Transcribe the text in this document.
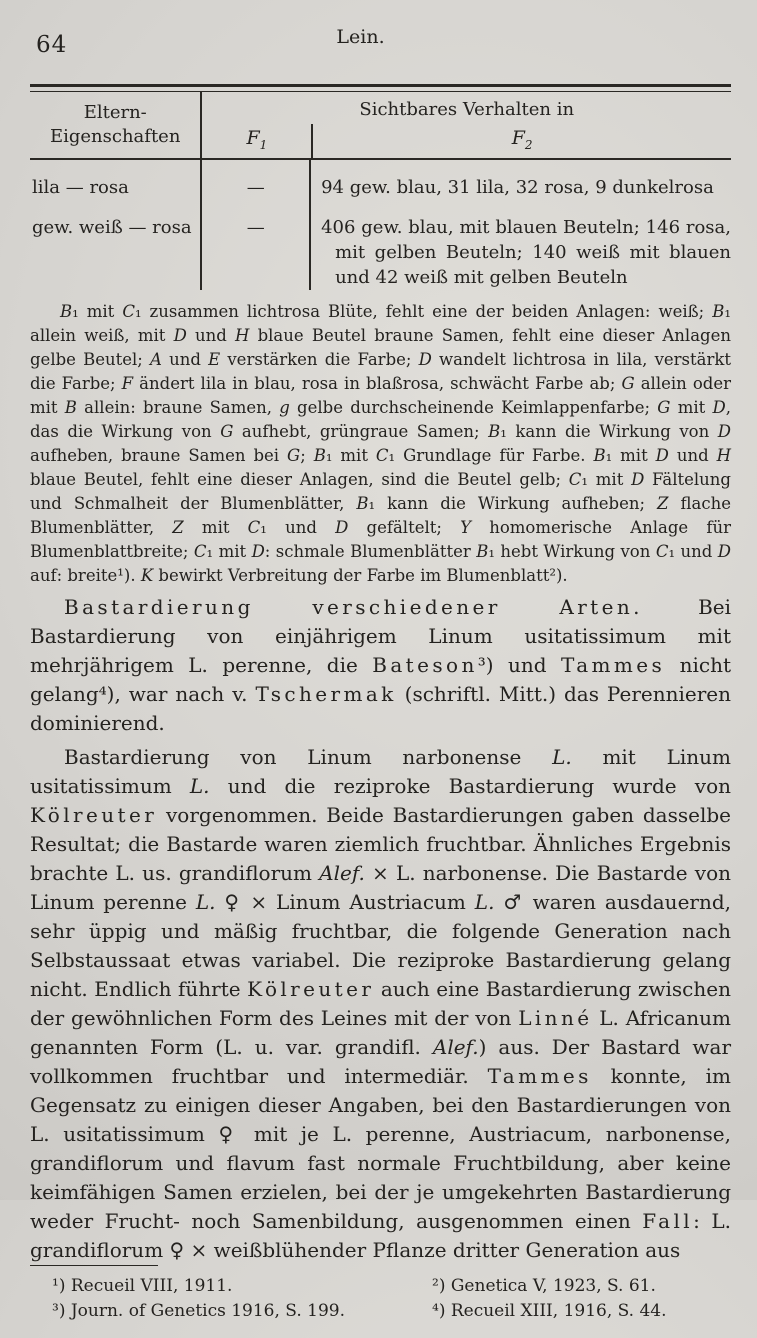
64	Lein.
Eltern-
Eigenschaften
Sichtbares Verhalten in
$F_1$	$F_2$
lila — rosa	—	94 gew. blau, 31 lila, 32 rosa, 9 dunkelrosa
gew. weiß — rosa	—	406 gew. blau, mit blauen Beuteln; 146 rosa, mit gelben Beuteln; 140 weiß mit blauen und 42 weiß mit gelben Beuteln

B₁ mit C₁ zusammen lichtrosa Blüte, fehlt eine der beiden Anlagen: weiß; B₁ allein weiß, mit D und H blaue Beutel braune Samen, fehlt eine dieser Anlagen gelbe Beutel; A und E verstärken die Farbe; D wandelt lichtrosa in lila, verstärkt die Farbe; F ändert lila in blau, rosa in blaßrosa, schwächt Farbe ab; G allein oder mit B allein: braune Samen, g gelbe durchscheinende Keimlappenfarbe; G mit D, das die Wirkung von G aufhebt, grüngraue Samen; B₁ kann die Wirkung von D aufheben, braune Samen bei G; B₁ mit C₁ Grundlage für Farbe. B₁ mit D und H blaue Beutel, fehlt eine dieser Anlagen, sind die Beutel gelb; C₁ mit D Fältelung und Schmalheit der Blumenblätter, B₁ kann die Wirkung aufheben; Z flache Blumenblätter, Z mit C₁ und D gefältelt; Y homomerische Anlage für Blumenblattbreite; C₁ mit D: schmale Blumenblätter B₁ hebt Wirkung von C₁ und D auf: breite¹). K bewirkt Verbreitung der Farbe im Blumenblatt²).

Bastardierung verschiedener Arten. Bei Bastardierung von einjährigem Linum usitatissimum mit mehrjährigem L. perenne, die Bateson³) und Tammes nicht gelang⁴), war nach v. Tschermak (schriftl. Mitt.) das Perennieren dominierend.

Bastardierung von Linum narbonense L. mit Linum usitatissimum L. und die reziproke Bastardierung wurde von Kölreuter vorgenommen. Beide Bastardierungen gaben dasselbe Resultat; die Bastarde waren ziemlich fruchtbar. Ähnliches Ergebnis brachte L. us. grandiflorum Alef. × L. narbonense. Die Bastarde von Linum perenne L. ♀ × Linum Austriacum L. ♂ waren ausdauernd, sehr üppig und mäßig fruchtbar, die folgende Generation nach Selbstaussaat etwas variabel. Die reziproke Bastardierung gelang nicht. Endlich führte Kölreuter auch eine Bastardierung zwischen der gewöhnlichen Form des Leines mit der von Linné L. Africanum genannten Form (L. u. var. grandifl. Alef.) aus. Der Bastard war vollkommen fruchtbar und intermediär. Tammes konnte, im Gegensatz zu einigen dieser Angaben, bei den Bastardierungen von L. usitatissimum ♀ mit je L. perenne, Austriacum, narbonense, grandiflorum und flavum fast normale Fruchtbildung, aber keine keimfähigen Samen erzielen, bei der je umgekehrten Bastardierung weder Frucht- noch Samenbildung, ausgenommen einen Fall: L. grandiflorum ♀ × weißblühender Pflanze dritter Generation aus

¹) Recueil VIII, 1911.	²) Genetica V, 1923, S. 61.
³) Journ. of Genetics 1916, S. 199.	⁴) Recueil XIII, 1916, S. 44.
